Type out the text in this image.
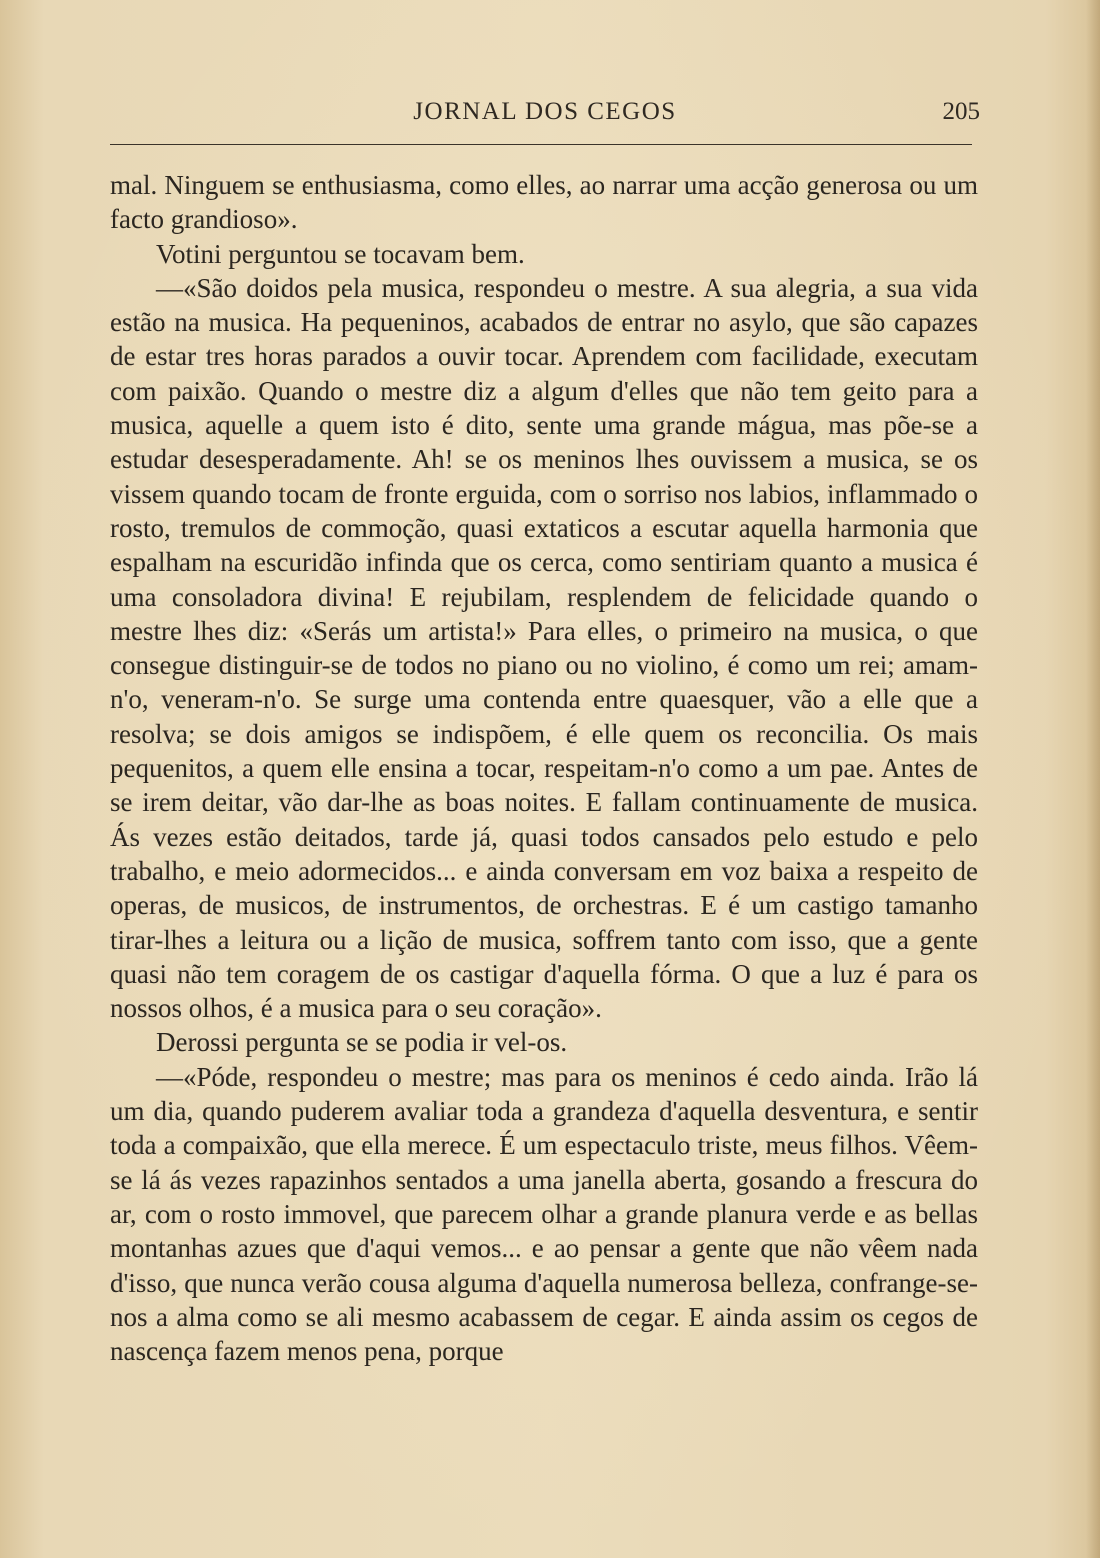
JORNAL DOS CEGOS	205

mal. Ninguem se enthusiasma, como elles, ao narrar uma acção generosa ou um facto grandioso».

Votini perguntou se tocavam bem.

—«São doidos pela musica, respondeu o mestre. A sua alegria, a sua vida estão na musica. Ha pequeninos, acabados de entrar no asylo, que são capazes de estar tres horas parados a ouvir tocar. Aprendem com facilidade, executam com paixão. Quando o mestre diz a algum d'elles que não tem geito para a musica, aquelle a quem isto é dito, sente uma grande mágua, mas põe-se a estudar desesperadamente. Ah! se os meninos lhes ouvissem a musica, se os vissem quando tocam de fronte erguida, com o sorriso nos labios, inflammado o rosto, tremulos de commoção, quasi extaticos a escutar aquella harmonia que espalham na escuridão infinda que os cerca, como sentiriam quanto a musica é uma consoladora divina! E rejubilam, resplendem de felicidade quando o mestre lhes diz: «Serás um artista!» Para elles, o primeiro na musica, o que consegue distinguir-se de todos no piano ou no violino, é como um rei; amam-n'o, veneram-n'o. Se surge uma contenda entre quaesquer, vão a elle que a resolva; se dois amigos se indispõem, é elle quem os reconcilia. Os mais pequenitos, a quem elle ensina a tocar, respeitam-n'o como a um pae. Antes de se irem deitar, vão dar-lhe as boas noites. E fallam continuamente de musica. Ás vezes estão deitados, tarde já, quasi todos cansados pelo estudo e pelo trabalho, e meio adormecidos... e ainda conversam em voz baixa a respeito de operas, de musicos, de instrumentos, de orchestras. E é um castigo tamanho tirar-lhes a leitura ou a lição de musica, soffrem tanto com isso, que a gente quasi não tem coragem de os castigar d'aquella fórma. O que a luz é para os nossos olhos, é a musica para o seu coração».

Derossi pergunta se se podia ir vel-os.

—«Póde, respondeu o mestre; mas para os meninos é cedo ainda. Irão lá um dia, quando puderem avaliar toda a grandeza d'aquella desventura, e sentir toda a compaixão, que ella merece. É um espectaculo triste, meus filhos. Vêem-se lá ás vezes rapazinhos sentados a uma janella aberta, gosando a frescura do ar, com o rosto immovel, que parecem olhar a grande planura verde e as bellas montanhas azues que d'aqui vemos... e ao pensar a gente que não vêem nada d'isso, que nunca verão cousa alguma d'aquella numerosa belleza, confrange-se-nos a alma como se ali mesmo acabassem de cegar. E ainda assim os cegos de nascença fazem menos pena, porque
